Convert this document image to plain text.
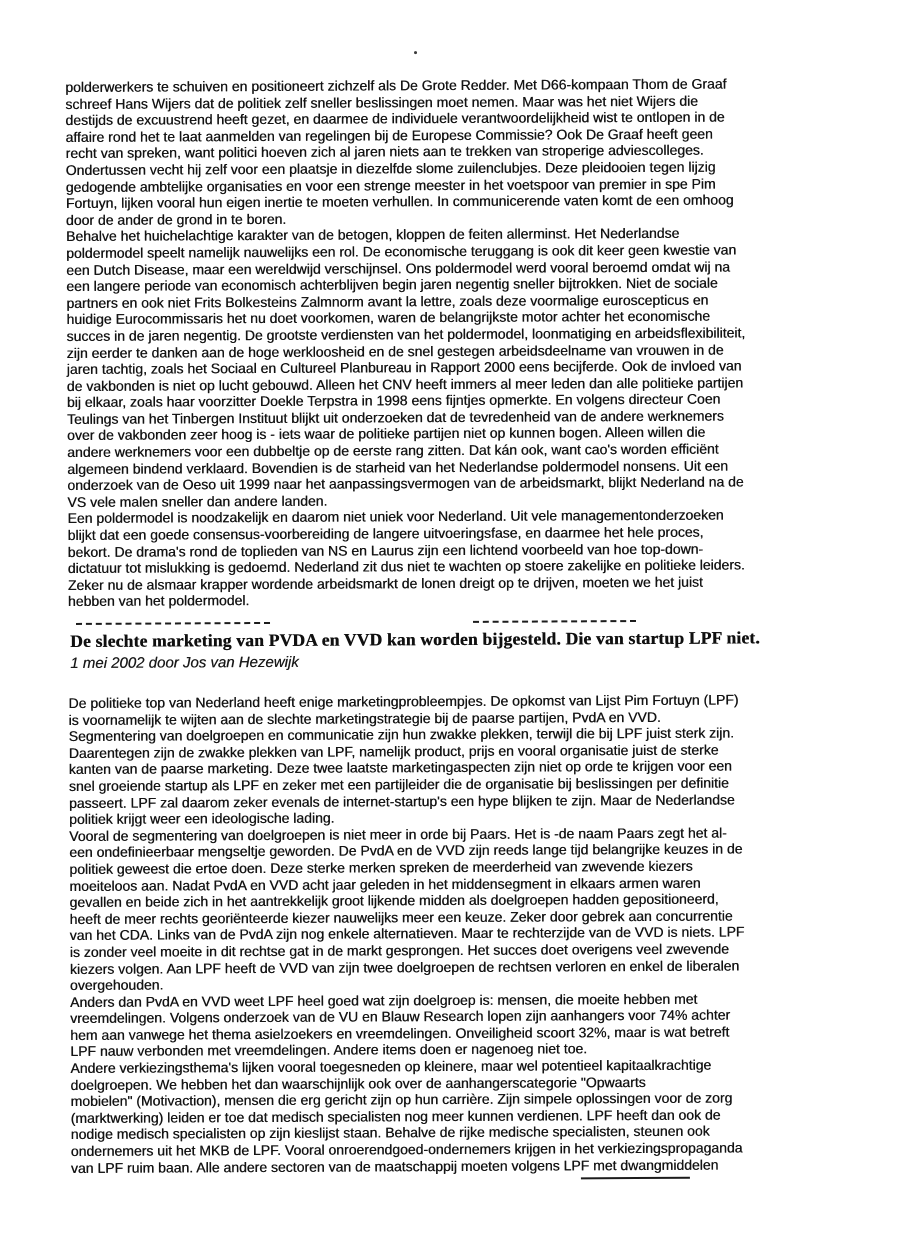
polderwerkers te schuiven en positioneert zichzelf als De Grote Redder. Met D66-kompaan Thom de Graaf
schreef Hans Wijers dat de politiek zelf sneller beslissingen moet nemen. Maar was het niet Wijers die
destijds de excuustrend heeft gezet, en daarmee de individuele verantwoordelijkheid wist te ontlopen in de
affaire rond het te laat aanmelden van regelingen bij de Europese Commissie? Ook De Graaf heeft geen
recht van spreken, want politici hoeven zich al jaren niets aan te trekken van stroperige adviescolleges.
Ondertussen vecht hij zelf voor een plaatsje in diezelfde slome zuilenclubjes. Deze pleidooien tegen lijzig
gedogende ambtelijke organisaties en voor een strenge meester in het voetspoor van premier in spe Pim
Fortuyn, lijken vooral hun eigen inertie te moeten verhullen. In communicerende vaten komt de een omhoog
door de ander de grond in te boren.
Behalve het huichelachtige karakter van de betogen, kloppen de feiten allerminst. Het Nederlandse
poldermodel speelt namelijk nauwelijks een rol. De economische teruggang is ook dit keer geen kwestie van
een Dutch Disease, maar een wereldwijd verschijnsel. Ons poldermodel werd vooral beroemd omdat wij na
een langere periode van economisch achterblijven begin jaren negentig sneller bijtrokken. Niet de sociale
partners en ook niet Frits Bolkesteins Zalmnorm avant la lettre, zoals deze voormalige euroscepticus en
huidige Eurocommissaris het nu doet voorkomen, waren de belangrijkste motor achter het economische
succes in de jaren negentig. De grootste verdiensten van het poldermodel, loonmatiging en arbeidsflexibiliteit,
zijn eerder te danken aan de hoge werkloosheid en de snel gestegen arbeidsdeelname van vrouwen in de
jaren tachtig, zoals het Sociaal en Cultureel Planbureau in Rapport 2000 eens becijferde. Ook de invloed van
de vakbonden is niet op lucht gebouwd. Alleen het CNV heeft immers al meer leden dan alle politieke partijen
bij elkaar, zoals haar voorzitter Doekle Terpstra in 1998 eens fijntjes opmerkte. En volgens directeur Coen
Teulings van het Tinbergen Instituut blijkt uit onderzoeken dat de tevredenheid van de andere werknemers
over de vakbonden zeer hoog is - iets waar de politieke partijen niet op kunnen bogen. Alleen willen die
andere werknemers voor een dubbeltje op de eerste rang zitten. Dat kán ook, want cao's worden efficiënt
algemeen bindend verklaard. Bovendien is de starheid van het Nederlandse poldermodel nonsens. Uit een
onderzoek van de Oeso uit 1999 naar het aanpassingsvermogen van de arbeidsmarkt, blijkt Nederland na de
VS vele malen sneller dan andere landen.
Een poldermodel is noodzakelijk en daarom niet uniek voor Nederland. Uit vele managementonderzoeken
blijkt dat een goede consensus-voorbereiding de langere uitvoeringsfase, en daarmee het hele proces,
bekort. De drama's rond de toplieden van NS en Laurus zijn een lichtend voorbeeld van hoe top-down-
dictatuur tot mislukking is gedoemd. Nederland zit dus niet te wachten op stoere zakelijke en politieke leiders.
Zeker nu de alsmaar krapper wordende arbeidsmarkt de lonen dreigt op te drijven, moeten we het juist
hebben van het poldermodel.
De slechte marketing van PVDA en VVD kan worden bijgesteld. Die van startup LPF niet.
1 mei 2002 door Jos van Hezewijk
De politieke top van Nederland heeft enige marketingprobleempjes. De opkomst van Lijst Pim Fortuyn (LPF)
is voornamelijk te wijten aan de slechte marketingstrategie bij de paarse partijen, PvdA en VVD.
Segmentering van doelgroepen en communicatie zijn hun zwakke plekken, terwijl die bij LPF juist sterk zijn.
Daarentegen zijn de zwakke plekken van LPF, namelijk product, prijs en vooral organisatie juist de sterke
kanten van de paarse marketing. Deze twee laatste marketingaspecten zijn niet op orde te krijgen voor een
snel groeiende startup als LPF en zeker met een partijleider die de organisatie bij beslissingen per definitie
passeert. LPF zal daarom zeker evenals de internet-startup's een hype blijken te zijn. Maar de Nederlandse
politiek krijgt weer een ideologische lading.
Vooral de segmentering van doelgroepen is niet meer in orde bij Paars. Het is -de naam Paars zegt het al-
een ondefinieerbaar mengseltje geworden. De PvdA en de VVD zijn reeds lange tijd belangrijke keuzes in de
politiek geweest die ertoe doen. Deze sterke merken spreken de meerderheid van zwevende kiezers
moeiteloos aan. Nadat PvdA en VVD acht jaar geleden in het middensegment in elkaars armen waren
gevallen en beide zich in het aantrekkelijk groot lijkende midden als doelgroepen hadden gepositioneerd,
heeft de meer rechts georiënteerde kiezer nauwelijks meer een keuze. Zeker door gebrek aan concurrentie
van het CDA. Links van de PvdA zijn nog enkele alternatieven. Maar te rechterzijde van de VVD is niets. LPF
is zonder veel moeite in dit rechtse gat in de markt gesprongen. Het succes doet overigens veel zwevende
kiezers volgen. Aan LPF heeft de VVD van zijn twee doelgroepen de rechtsen verloren en enkel de liberalen
overgehouden.
Anders dan PvdA en VVD weet LPF heel goed wat zijn doelgroep is: mensen, die moeite hebben met
vreemdelingen. Volgens onderzoek van de VU en Blauw Research lopen zijn aanhangers voor 74% achter
hem aan vanwege het thema asielzoekers en vreemdelingen. Onveiligheid scoort 32%, maar is wat betreft
LPF nauw verbonden met vreemdelingen. Andere items doen er nagenoeg niet toe.
Andere verkiezingsthema's lijken vooral toegesneden op kleinere, maar wel potentieel kapitaalkrachtige
doelgroepen. We hebben het dan waarschijnlijk ook over de aanhangerscategorie "Opwaarts
mobielen" (Motivaction), mensen die erg gericht zijn op hun carrière. Zijn simpele oplossingen voor de zorg
(marktwerking) leiden er toe dat medisch specialisten nog meer kunnen verdienen. LPF heeft dan ook de
nodige medisch specialisten op zijn kieslijst staan. Behalve de rijke medische specialisten, steunen ook
ondernemers uit het MKB de LPF. Vooral onroerendgoed-ondernemers krijgen in het verkiezingspropaganda
van LPF ruim baan. Alle andere sectoren van de maatschappij moeten volgens LPF met dwangmiddelen
